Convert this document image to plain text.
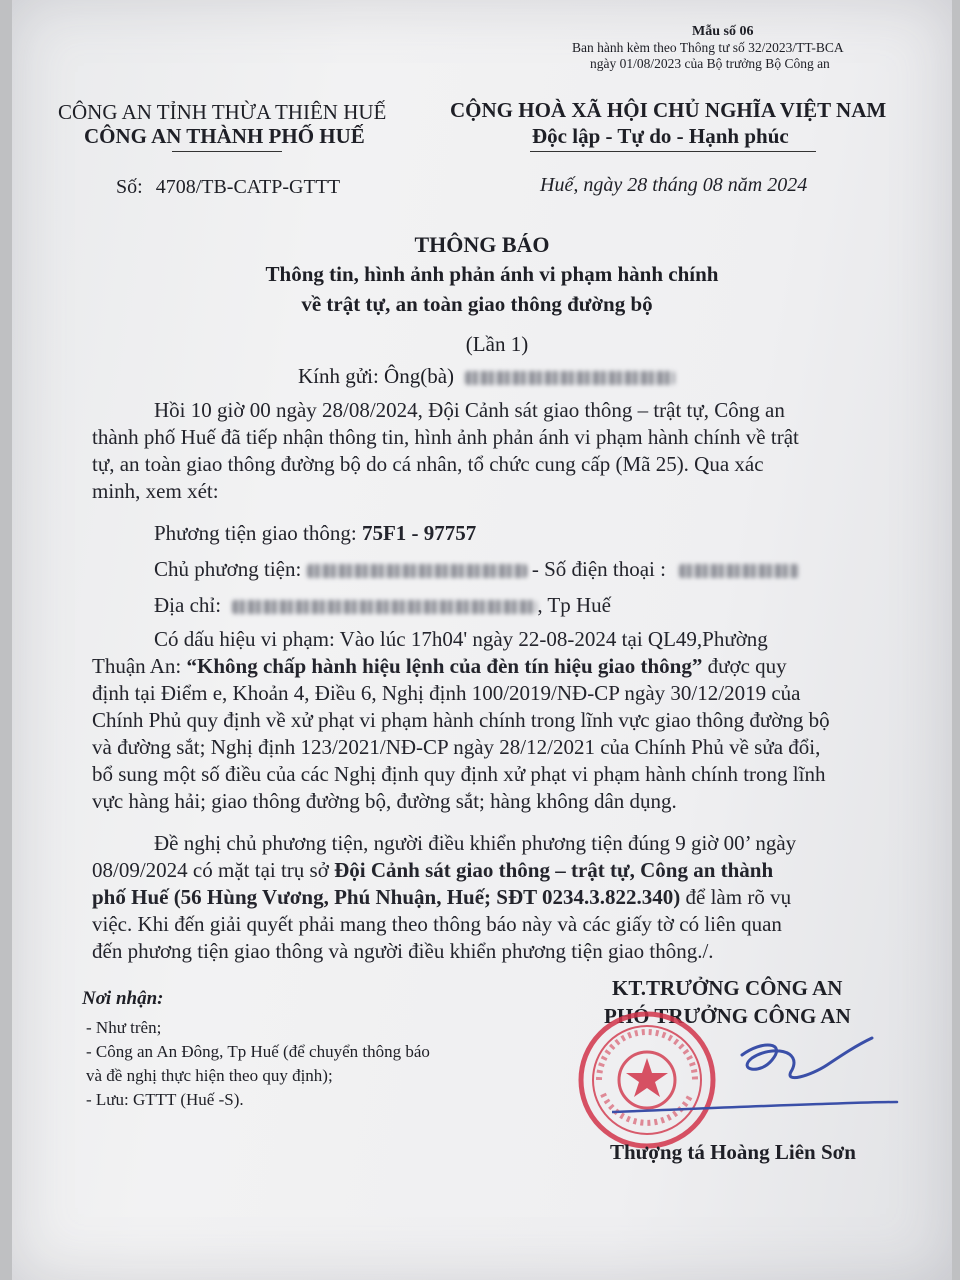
Mẫu số 06
Ban hành kèm theo Thông tư số 32/2023/TT-BCA
ngày 01/08/2023 của Bộ trưởng Bộ Công an
CÔNG AN TỈNH THỪA THIÊN HUẾ
CÔNG AN THÀNH PHỐ HUẾ
Số: 4708/TB-CATP-GTTT
CỘNG HOÀ XÃ HỘI CHỦ NGHĨA VIỆT NAM
Độc lập - Tự do - Hạnh phúc
Huế, ngày 28 tháng 08 năm 2024
THÔNG BÁO
Thông tin, hình ảnh phản ánh vi phạm hành chính
về trật tự, an toàn giao thông đường bộ
(Lần 1)
Kính gửi: Ông(bà)

Hồi 10 giờ 00 ngày 28/08/2024, Đội Cảnh sát giao thông – trật tự, Công an

thành phố Huế đã tiếp nhận thông tin, hình ảnh phản ánh vi phạm hành chính về trật

tự, an toàn giao thông đường bộ do cá nhân, tổ chức cung cấp (Mã 25). Qua xác

minh, xem xét:

Phương tiện giao thông: 75F1 - 97757
Chủ phương tiện:	- Số điện thoại :
Địa chỉ:	, Tp Huế

Có dấu hiệu vi phạm: Vào lúc 17h04' ngày 22-08-2024 tại QL49,Phường

Thuận An: “Không chấp hành hiệu lệnh của đèn tín hiệu giao thông” được quy

định tại Điểm e, Khoản 4, Điều 6, Nghị định 100/2019/NĐ-CP ngày 30/12/2019 của

Chính Phủ quy định về xử phạt vi phạm hành chính trong lĩnh vực giao thông đường bộ

và đường sắt; Nghị định 123/2021/NĐ-CP ngày 28/12/2021 của Chính Phủ về sửa đổi,

bổ sung một số điều của các Nghị định quy định xử phạt vi phạm hành chính trong lĩnh

vực hàng hải; giao thông đường bộ, đường sắt; hàng không dân dụng.

Đề nghị chủ phương tiện, người điều khiển phương tiện đúng 9 giờ 00’ ngày

08/09/2024 có mặt tại trụ sở Đội Cảnh sát giao thông – trật tự, Công an thành

phố Huế (56 Hùng Vương, Phú Nhuận, Huế; SĐT 0234.3.822.340) để làm rõ vụ

việc. Khi đến giải quyết phải mang theo thông báo này và các giấy tờ có liên quan

đến phương tiện giao thông và người điều khiển phương tiện giao thông./.

Nơi nhận:
- Như trên;
- Công an An Đông, Tp Huế (để chuyển thông báo
và đề nghị thực hiện theo quy định);
- Lưu: GTTT (Huế -S).
KT.TRƯỞNG CÔNG AN
PHÓ TRƯỞNG CÔNG AN
Thượng tá Hoàng Liên Sơn
